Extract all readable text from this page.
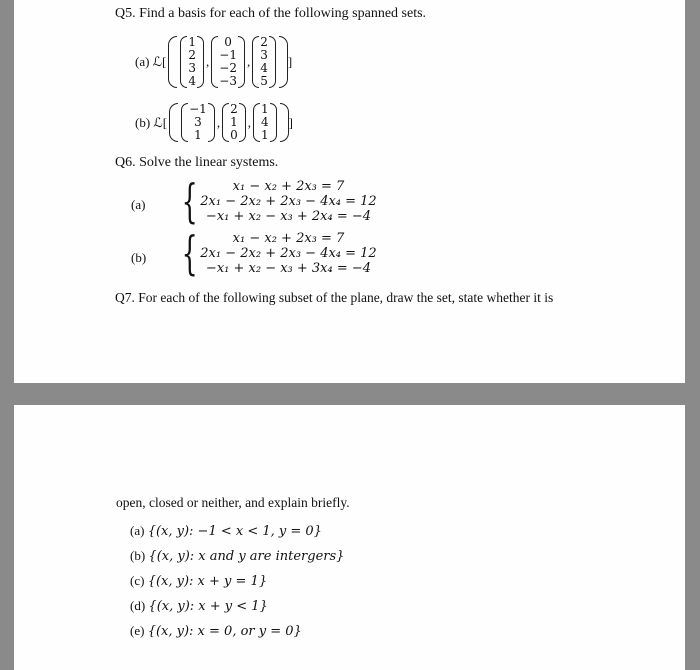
Q5. Find a basis for each of the following spanned sets.
(a) ℒ[
1
2
3
4
,
0
−1
−2
−3
,
2
3
4
5
]
(b) ℒ[
−1
3
1
,
2
1
0
,
1
4
1
]
Q6. Solve the linear systems.
(a) {	x₁ − x₂ + 2x₃ = 7
2x₁ − 2x₂ + 2x₃ − 4x₄ = 12
−x₁ + x₂ − x₃ + 2x₄ = −4
(b) {	x₁ − x₂ + 2x₃ = 7
2x₁ − 2x₂ + 2x₃ − 4x₄ = 12
−x₁ + x₂ − x₃ + 3x₄ = −4
Q7. For each of the following subset of the plane, draw the set, state whether it is
open, closed or neither, and explain briefly.
(a) {(x, y): −1 < x < 1, y = 0}
(b) {(x, y): x and y are intergers}
(c) {(x, y): x + y = 1}
(d) {(x, y): x + y < 1}
(e) {(x, y): x = 0, or y = 0}
